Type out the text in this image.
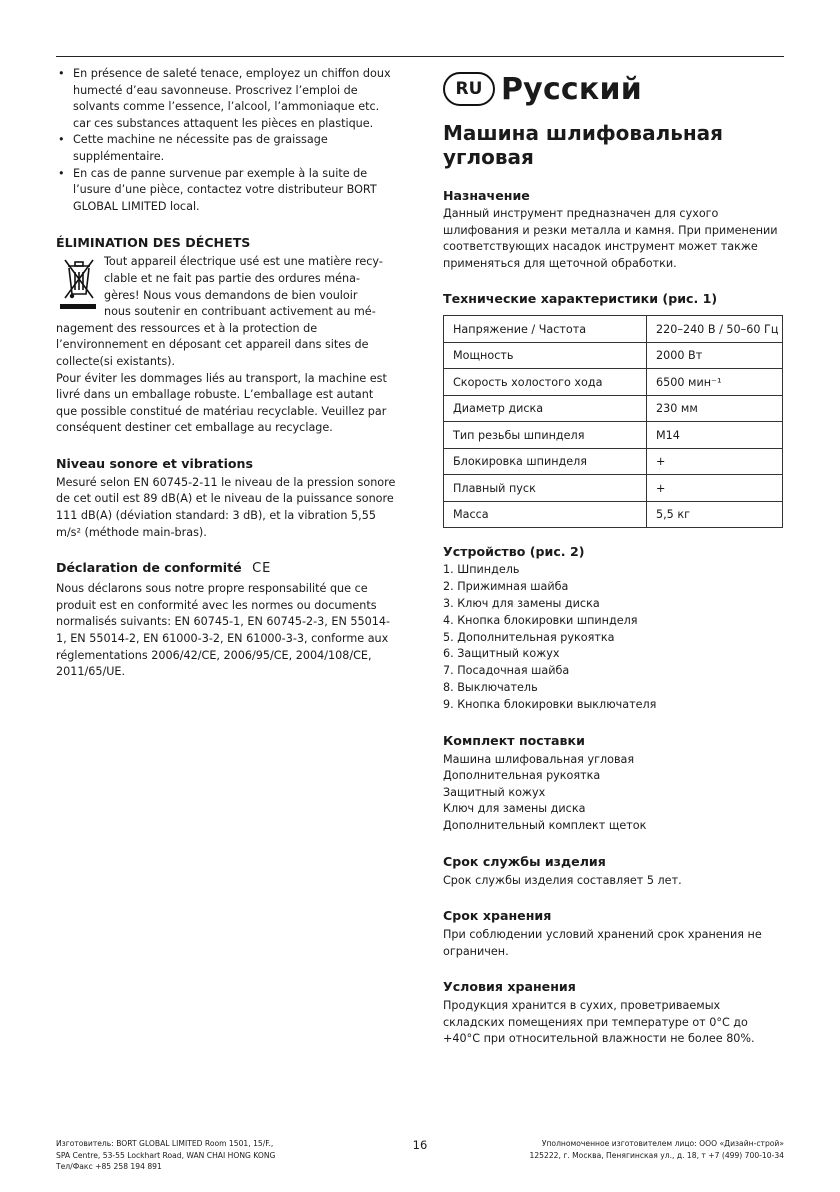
• En présence de saleté tenace, employez un chiffon doux humecté d’eau savonneuse. Proscrivez l’emploi de solvants comme l’essence, l’alcool, l’ammoniaque etc. car ces substances attaquent les pièces en plastique.
• Cette machine ne nécessite pas de graissage supplémentaire.
• En cas de panne survenue par exemple à la suite de l’usure d’une pièce, contactez votre distributeur BORT GLOBAL LIMITED local.
ÉLIMINATION DES DÉCHETS
Tout appareil électrique usé est une matière recy-
clable et ne fait pas partie des ordures ména-
gères! Nous vous demandons de bien vouloir
nous soutenir en contribuant activement au mé-

nagement des ressources et à la protection de l’environnement en déposant cet appareil dans sites de collecte(si existants).

Pour éviter les dommages liés au transport, la machine est livré dans un emballage robuste. L’emballage est autant que possible constitué de matériau recyclable. Veuillez par conséquent destiner cet emballage au recyclage.

Niveau sonore et vibrations

Mesuré selon EN 60745-2-11 le niveau de la pression sonore de cet outil est 89 dB(A) et le niveau de la puissance sonore 111 dB(A) (déviation standard: 3 dB), et la vibration 5,55 m/s² (méthode main-bras).

Déclaration de conformité CE

Nous déclarons sous notre propre responsabilité que ce produit est en conformité avec les normes ou documents normalisés suivants: EN 60745-1, EN 60745-2-3, EN 55014-1, EN 55014-2, EN 61000-3-2, EN 61000-3-3, conforme aux réglementations 2006/42/CE, 2006/95/CE, 2004/108/CE, 2011/65/UE.

RU Русский
Машина шлифовальная угловая
Назначение

Данный инструмент предназначен для сухого шлифования и резки металла и камня. При применении соответствующих насадок инструмент может также применяться для щеточной обработки.

Технические характеристики (рис. 1)
Напряжение / Частота	220–240 В / 50–60 Гц
Мощность	2000 Вт
Скорость холостого хода	6500 мин⁻¹
Диаметр диска	230 мм
Тип резьбы шпинделя	M14
Блокировка шпинделя	+
Плавный пуск	+
Масса	5,5 кг
Устройство (рис. 2)
1. Шпиндель
2. Прижимная шайба
3. Ключ для замены диска
4. Кнопка блокировки шпинделя
5. Дополнительная рукоятка
6. Защитный кожух
7. Посадочная шайба
8. Выключатель
9. Кнопка блокировки выключателя
Комплект поставки
Машина шлифовальная угловая
Дополнительная рукоятка
Защитный кожух
Ключ для замены диска
Дополнительный комплект щеток
Срок службы изделия

Срок службы изделия составляет 5 лет.

Срок хранения

При соблюдении условий хранений срок хранения не ограничен.

Условия хранения

Продукция хранится в сухих, проветриваемых складских помещениях при температуре от 0°С до +40°С при относительной влажности не более 80%.

Изготовитель: BORT GLOBAL LIMITED Room 1501, 15/F.,
SPA Centre, 53-55 Lockhart Road, WAN CHAI HONG KONG
Тел/Факс +85 258 194 891
16	Уполномоченное изготовителем лицо: ООО «Дизайн-строй»
125222, г. Москва, Пенягинская ул., д. 18, т +7 (499) 700-10-34
